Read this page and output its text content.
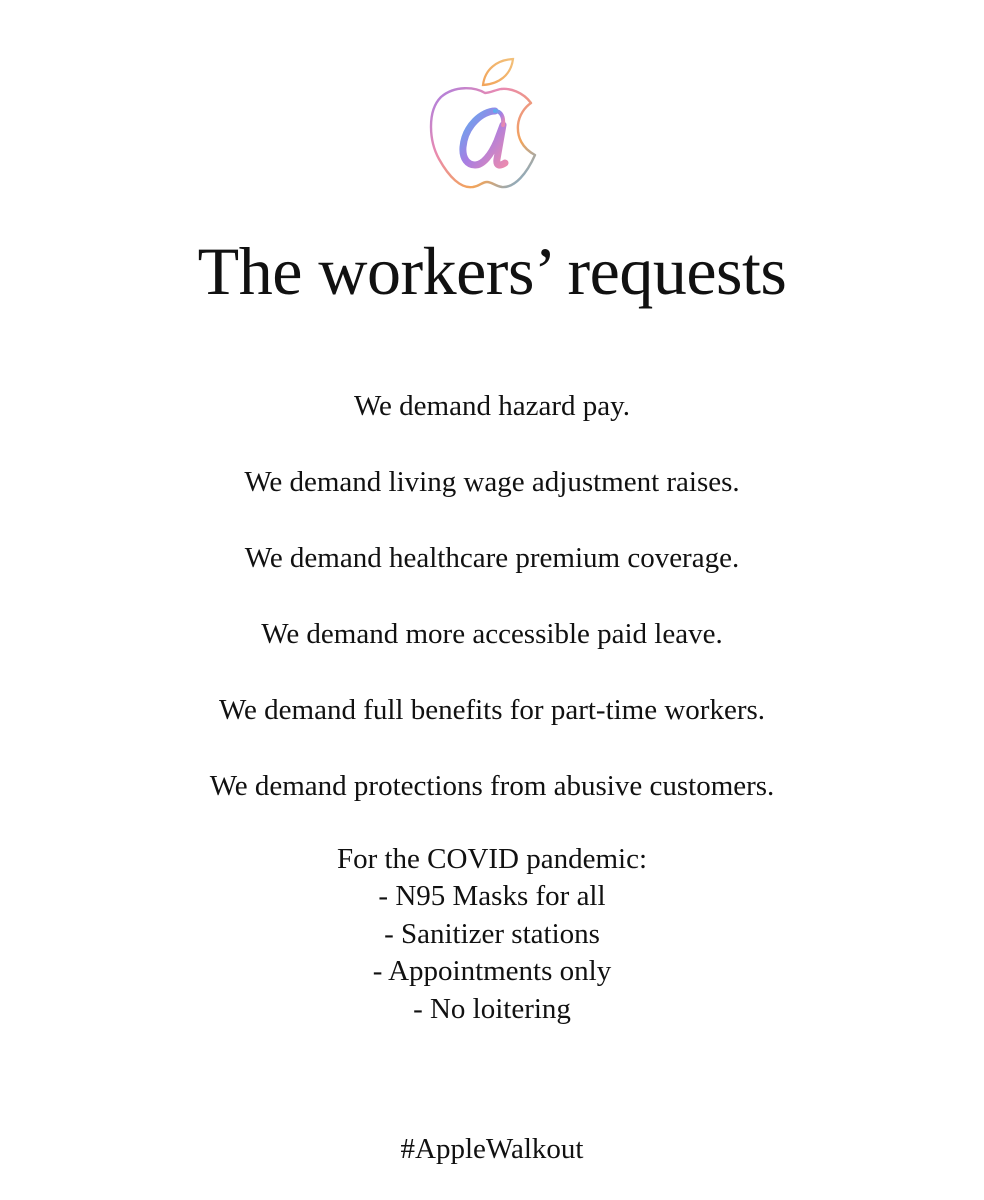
The workers’ requests
We demand hazard pay.
We demand living wage adjustment raises.
We demand healthcare premium coverage.
We demand more accessible paid leave.
We demand full benefits for part-time workers.
We demand protections from abusive customers.
For the COVID pandemic:
- N95 Masks for all
- Sanitizer stations
- Appointments only
- No loitering
#AppleWalkout
